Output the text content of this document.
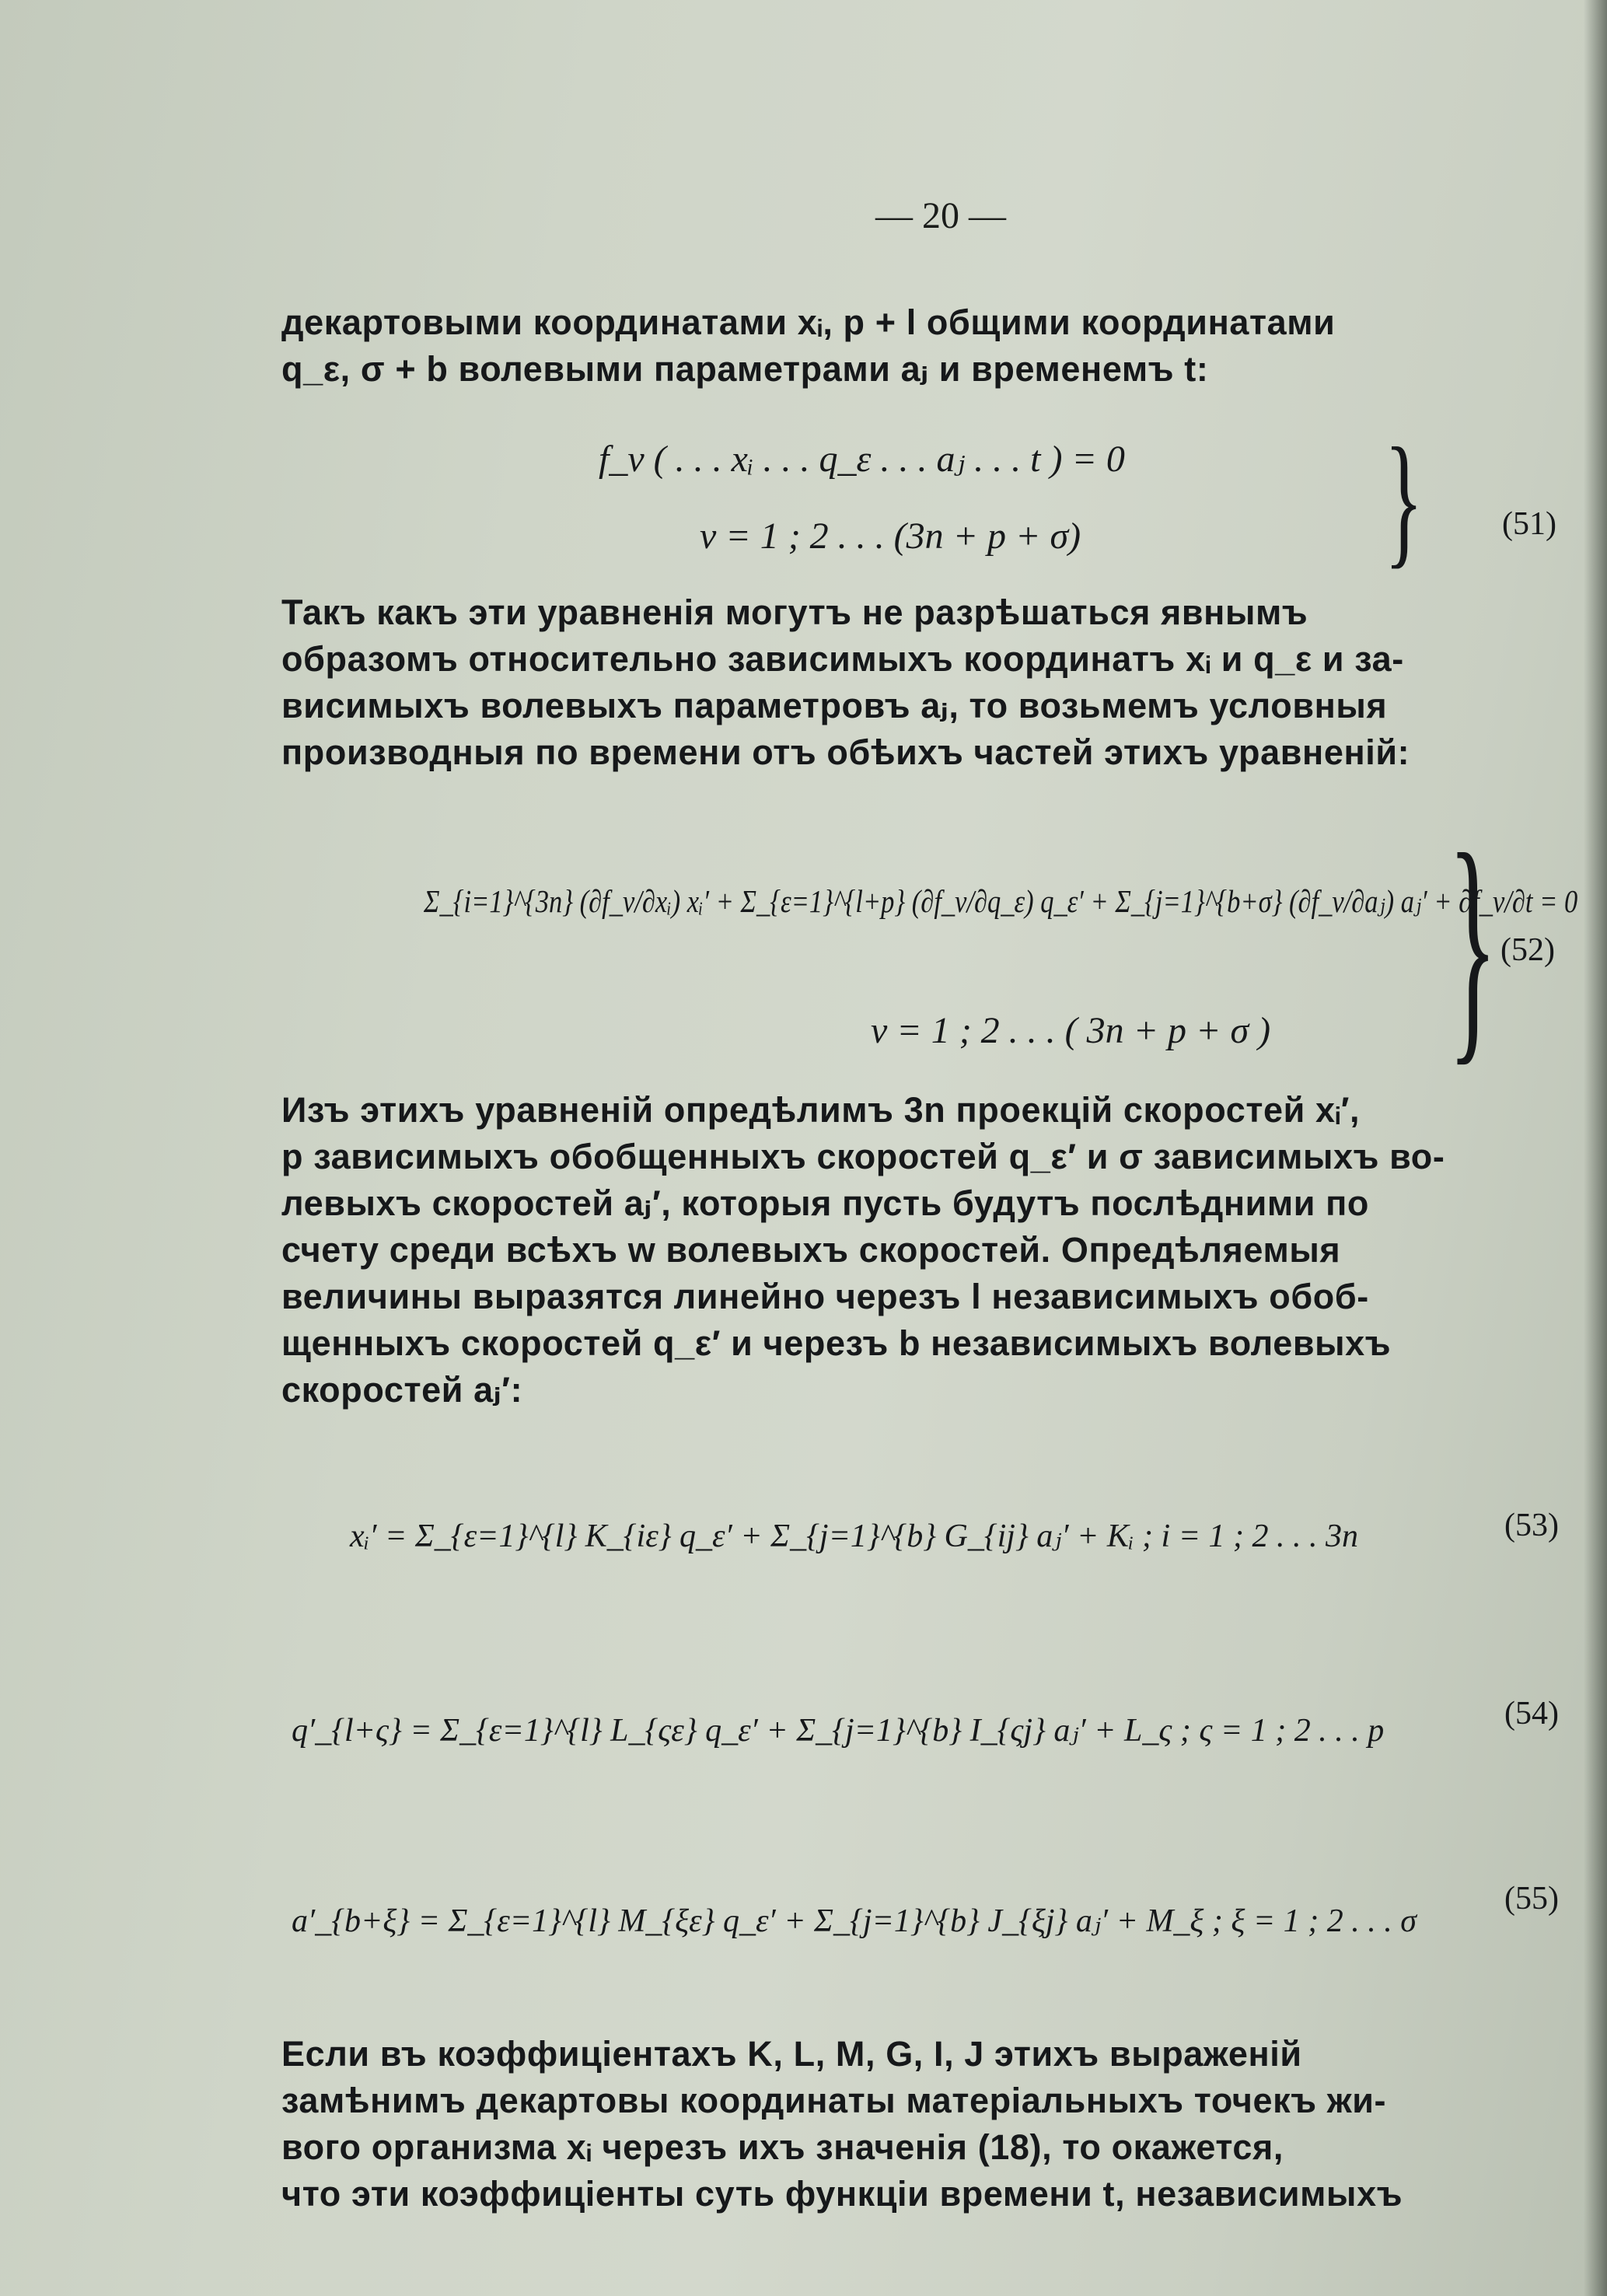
— 20 —
декартовыми координатами xᵢ, p + l общими координатами
q_ε, σ + b волевыми параметрами aⱼ и временемъ t:
f_ν ( . . . xᵢ . . . q_ε . . . aⱼ . . . t ) = 0
ν = 1 ; 2 . . . (3n + p + σ) } (51)
Такъ какъ эти уравненія могутъ не разрѣшаться явнымъ
образомъ относительно зависимыхъ координатъ xᵢ и q_ε и за-
висимыхъ волевыхъ параметровъ aⱼ, то возьмемъ условныя
производныя по времени отъ обѣихъ частей этихъ уравненій:
Σ_{i=1}^{3n} (∂f_ν/∂xᵢ) xᵢ′ + Σ_{ε=1}^{l+p} (∂f_ν/∂q_ε) q_ε′ + Σ_{j=1}^{b+σ} (∂f_ν/∂aⱼ) aⱼ′ + ∂f_ν/∂t = 0
ν = 1 ; 2 . . . ( 3n + p + σ ) } (52)
Изъ этихъ уравненій опредѣлимъ 3n проекцій скоростей xᵢ′,
p зависимыхъ обобщенныхъ скоростей q_ε′ и σ зависимыхъ во-
левыхъ скоростей aⱼ′, которыя пусть будутъ послѣдними по
счету среди всѣхъ w волевыхъ скоростей. Опредѣляемыя
величины выразятся линейно черезъ l независимыхъ обоб-
щенныхъ скоростей q_ε′ и черезъ b независимыхъ волевыхъ
скоростей aⱼ′:
xᵢ′ = Σ_{ε=1}^{l} K_{iε} q_ε′ + Σ_{j=1}^{b} G_{ij} aⱼ′ + Kᵢ ; i = 1 ; 2 . . . 3n	(53)
q′_{l+ς} = Σ_{ε=1}^{l} L_{ςε} q_ε′ + Σ_{j=1}^{b} I_{ςj} aⱼ′ + L_ς ; ς = 1 ; 2 . . . p	(54)
a′_{b+ξ} = Σ_{ε=1}^{l} M_{ξε} q_ε′ + Σ_{j=1}^{b} J_{ξj} aⱼ′ + M_ξ ; ξ = 1 ; 2 . . . σ
(55)
Если въ коэффиціентахъ K, L, M, G, I, J этихъ выраженій
замѣнимъ декартовы координаты матеріальныхъ точекъ жи-
вого организма xᵢ черезъ ихъ значенія (18), то окажется,
что эти коэффиціенты суть функціи времени t, независимыхъ
